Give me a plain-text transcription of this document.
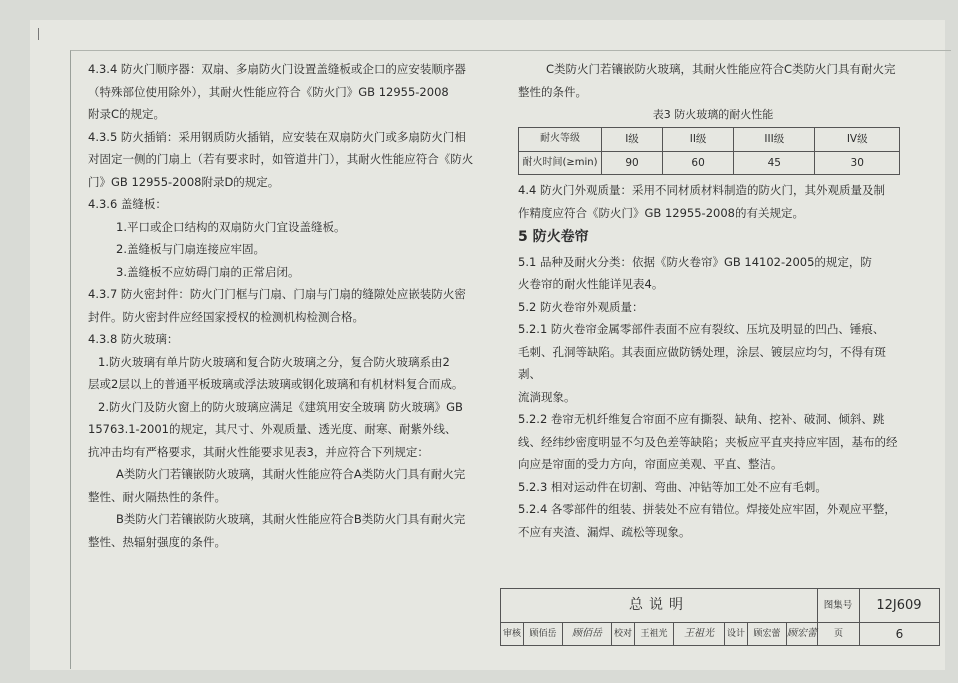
4.3.4 防火门顺序器：双扇、多扇防火门设置盖缝板或企口的应安装顺序器

（特殊部位使用除外），其耐火性能应符合《防火门》GB 12955-2008

附录C的规定。

4.3.5 防火插销：采用钢质防火插销，应安装在双扇防火门或多扇防火门相

对固定一侧的门扇上（若有要求时，如管道井门），其耐火性能应符合《防火

门》GB 12955-2008附录D的规定。

4.3.6 盖缝板：

1.平口或企口结构的双扇防火门宜设盖缝板。

2.盖缝板与门扇连接应牢固。

3.盖缝板不应妨碍门扇的正常启闭。

4.3.7 防火密封件：防火门门框与门扇、门扇与门扇的缝隙处应嵌装防火密

封件。防火密封件应经国家授权的检测机构检测合格。

4.3.8 防火玻璃：

1.防火玻璃有单片防火玻璃和复合防火玻璃之分，复合防火玻璃系由2

层或2层以上的普通平板玻璃或浮法玻璃或钢化玻璃和有机材料复合而成。

2.防火门及防火窗上的防火玻璃应满足《建筑用安全玻璃 防火玻璃》GB

15763.1-2001的规定，其尺寸、外观质量、透光度、耐寒、耐紫外线、

抗冲击均有严格要求，其耐火性能要求见表3，并应符合下列规定：

A类防火门若镶嵌防火玻璃，其耐火性能应符合A类防火门具有耐火完

整性、耐火隔热性的条件。

B类防火门若镶嵌防火玻璃，其耐火性能应符合B类防火门具有耐火完

整性、热辐射强度的条件。

C类防火门若镶嵌防火玻璃，其耐火性能应符合C类防火门具有耐火完

整性的条件。

表3 防火玻璃的耐火性能
耐火等级	I级	II级	III级	IV级
耐火时间(≥min)	90	60	45	30

4.4 防火门外观质量：采用不同材质材料制造的防火门，其外观质量及制

作精度应符合《防火门》GB 12955-2008的有关规定。

5 防火卷帘

5.1 品种及耐火分类：依据《防火卷帘》GB 14102-2005的规定，防

火卷帘的耐火性能详见表4。

5.2 防火卷帘外观质量：

5.2.1 防火卷帘金属零部件表面不应有裂纹、压坑及明显的凹凸、锤痕、

毛刺、孔洞等缺陷。其表面应做防锈处理，涂层、镀层应均匀，不得有斑剥、

流淌现象。

5.2.2 卷帘无机纤维复合帘面不应有撕裂、缺角、挖补、破洞、倾斜、跳

线、经纬纱密度明显不匀及色差等缺陷；夹板应平直夹持应牢固，基布的经

向应是帘面的受力方向，帘面应美观、平直、整洁。

5.2.3 相对运动件在切割、弯曲、冲钻等加工处不应有毛刺。

5.2.4 各零部件的组装、拼装处不应有错位。焊接处应牢固，外观应平整，

不应有夹渣、漏焊、疏松等现象。

总说明	图集号	12J609
审核 顾佰岳	顾佰岳	校对 王祖光	王祖光	设计 顾宏蕾 顾宏蕾	页	6
